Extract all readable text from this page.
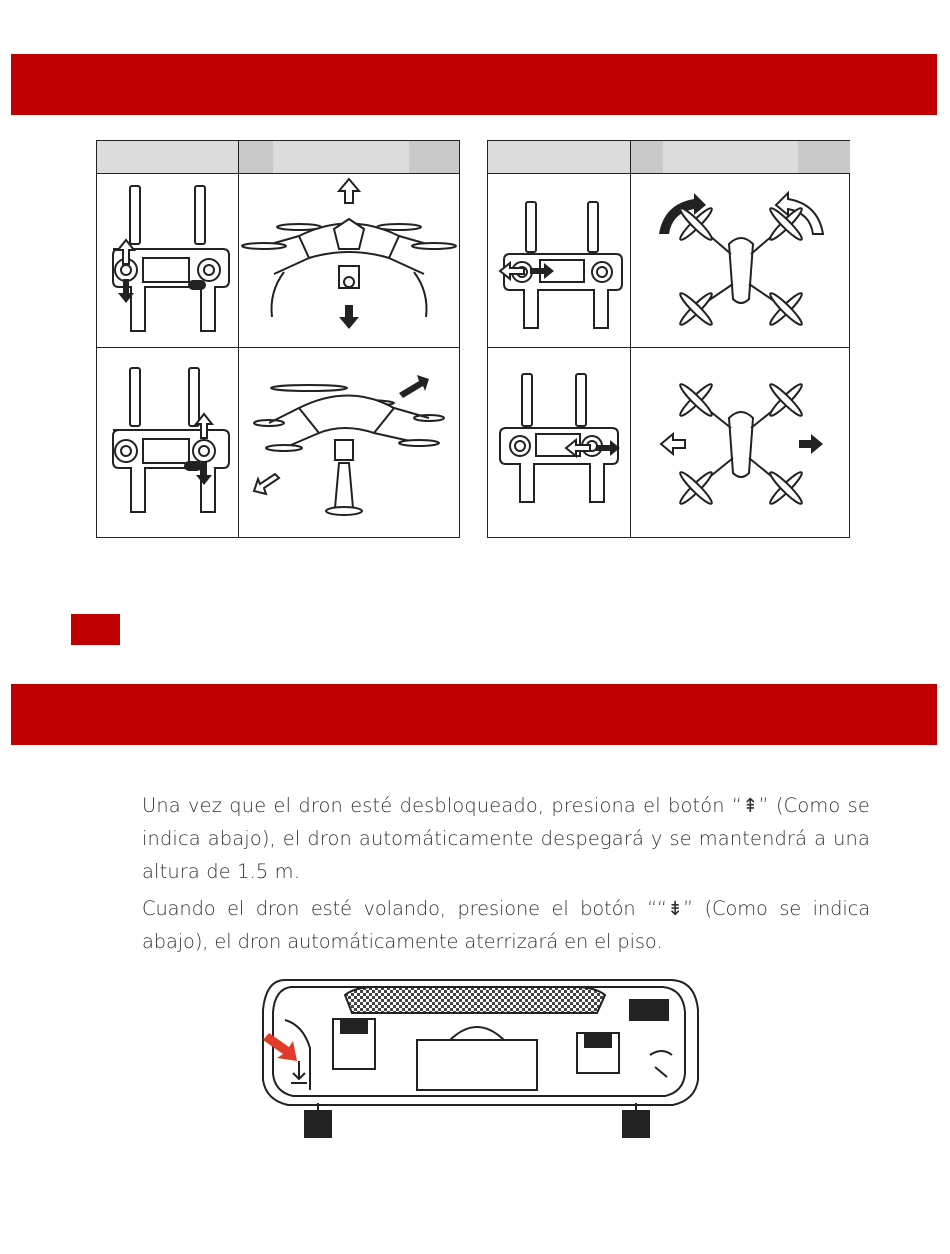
Una vez que el dron esté desbloqueado, presiona el botón “⇞” (Como se indica abajo), el dron automáticamente despegará y se mantendrá a una altura de 1.5 m.

Cuando el dron esté volando, presione el botón ““⇟” (Como se indica abajo), el dron automáticamente aterrizará en el piso.
